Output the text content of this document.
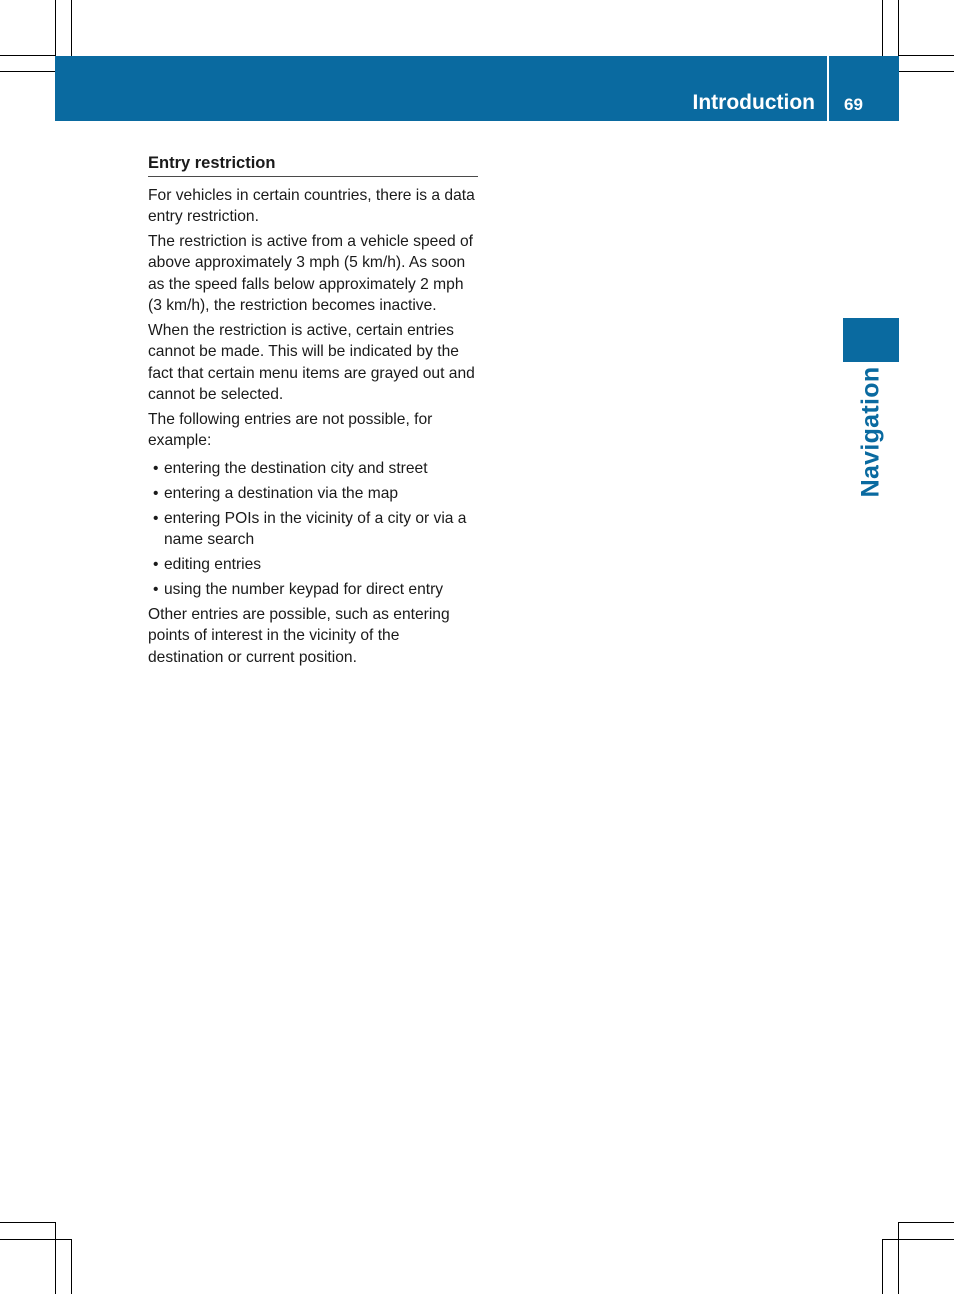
Introduction 69
Navigation
Entry restriction

For vehicles in certain countries, there is a data entry restriction.

The restriction is active from a vehicle speed of above approximately 3 mph (5 km/h). As soon as the speed falls below approximately 2 mph (3 km/h), the restriction becomes inactive.

When the restriction is active, certain entries cannot be made. This will be indicated by the fact that certain menu items are grayed out and cannot be selected.

The following entries are not possible, for example:

• entering the destination city and street
• entering a destination via the map
• entering POIs in the vicinity of a city or via a name search
• editing entries
• using the number keypad for direct entry

Other entries are possible, such as entering points of interest in the vicinity of the destination or current position.
